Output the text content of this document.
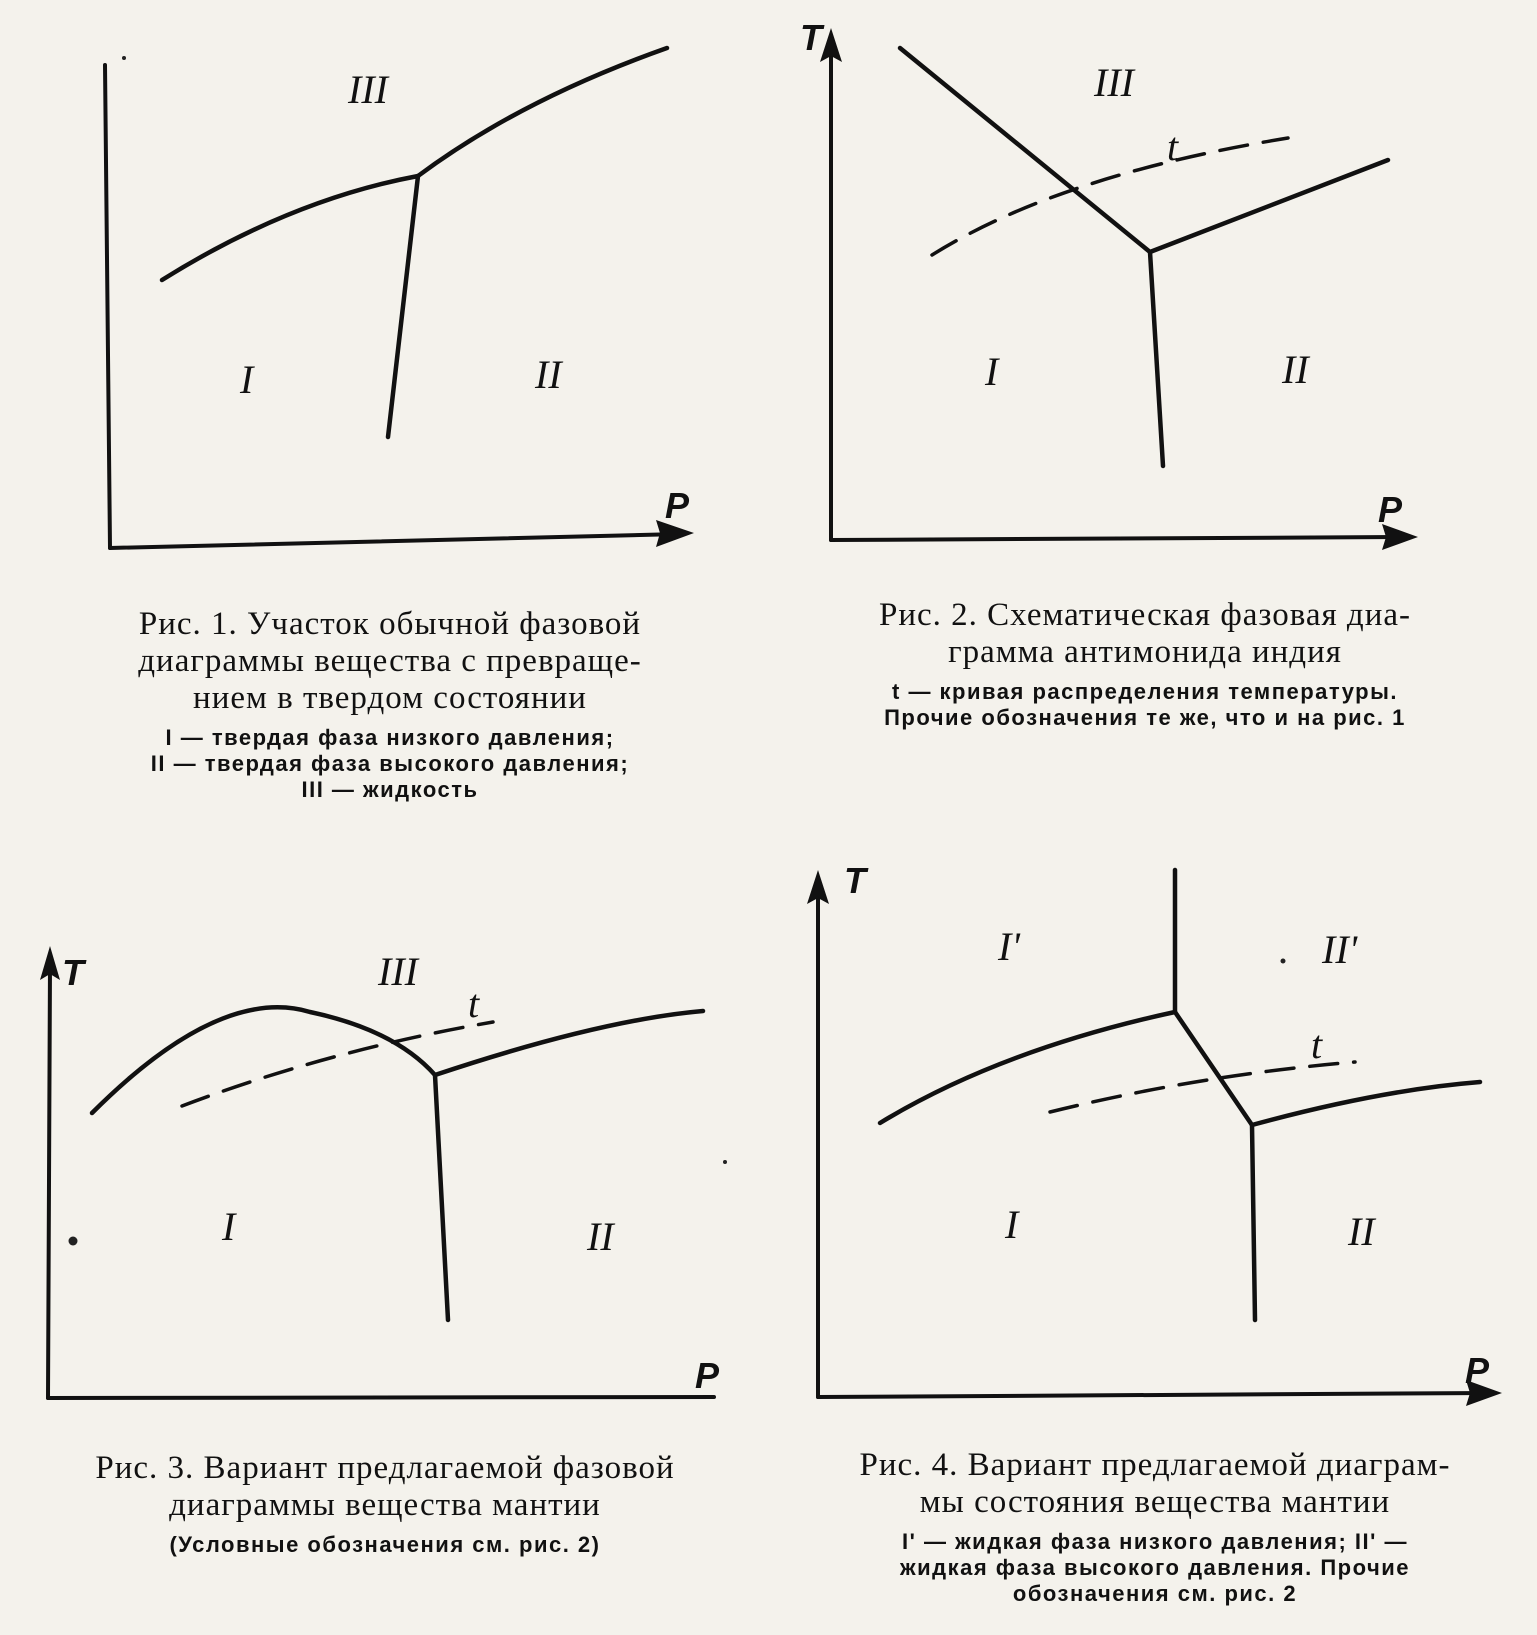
P
I	II
III
P
T
t
I	II
III
T
P
t
I	II
III
P
T
t
I	II
I'	II'
Рис. 1. Участок обычной фазовой
диаграммы вещества с превраще-
нием в твердом состоянии
I — твердая фаза низкого давления;
II — твердая фаза высокого давления;
III — жидкость
Рис. 2. Схематическая фазовая диа-
грамма антимонида индия
t — кривая распределения температуры.
Прочие обозначения те же, что и на рис. 1
Рис. 3. Вариант предлагаемой фазовой
диаграммы вещества мантии
(Условные обозначения см. рис. 2)
Рис. 4. Вариант предлагаемой диаграм-
мы состояния вещества мантии
I' — жидкая фаза низкого давления; II' —
жидкая фаза высокого давления. Прочие
обозначения см. рис. 2
